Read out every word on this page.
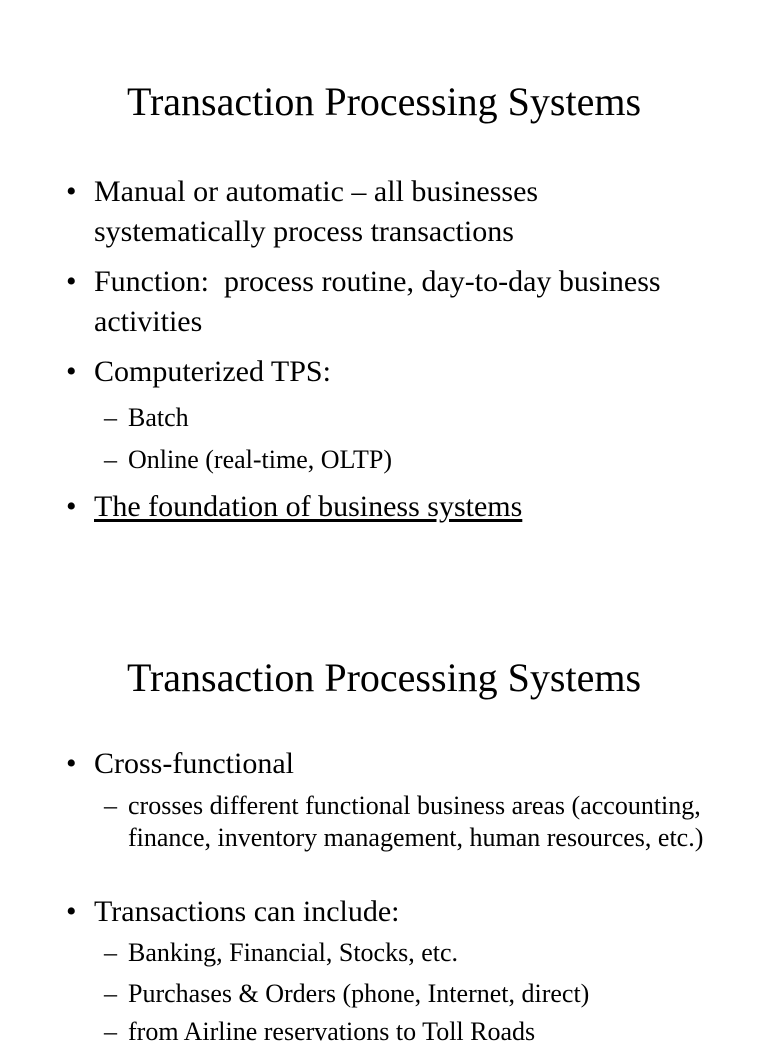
Transaction Processing Systems
• Manual or automatic – all businesses systematically process transactions
• Function:  process routine, day-to-day business activities
• Computerized TPS:
– Batch
– Online (real-time, OLTP)
• The foundation of business systems
Transaction Processing Systems
• Cross-functional
– crosses different functional business areas (accounting, finance, inventory management, human resources, etc.)
• Transactions can include:
– Banking, Financial, Stocks, etc.
– Purchases & Orders (phone, Internet, direct)
– from Airline reservations to Toll Roads
